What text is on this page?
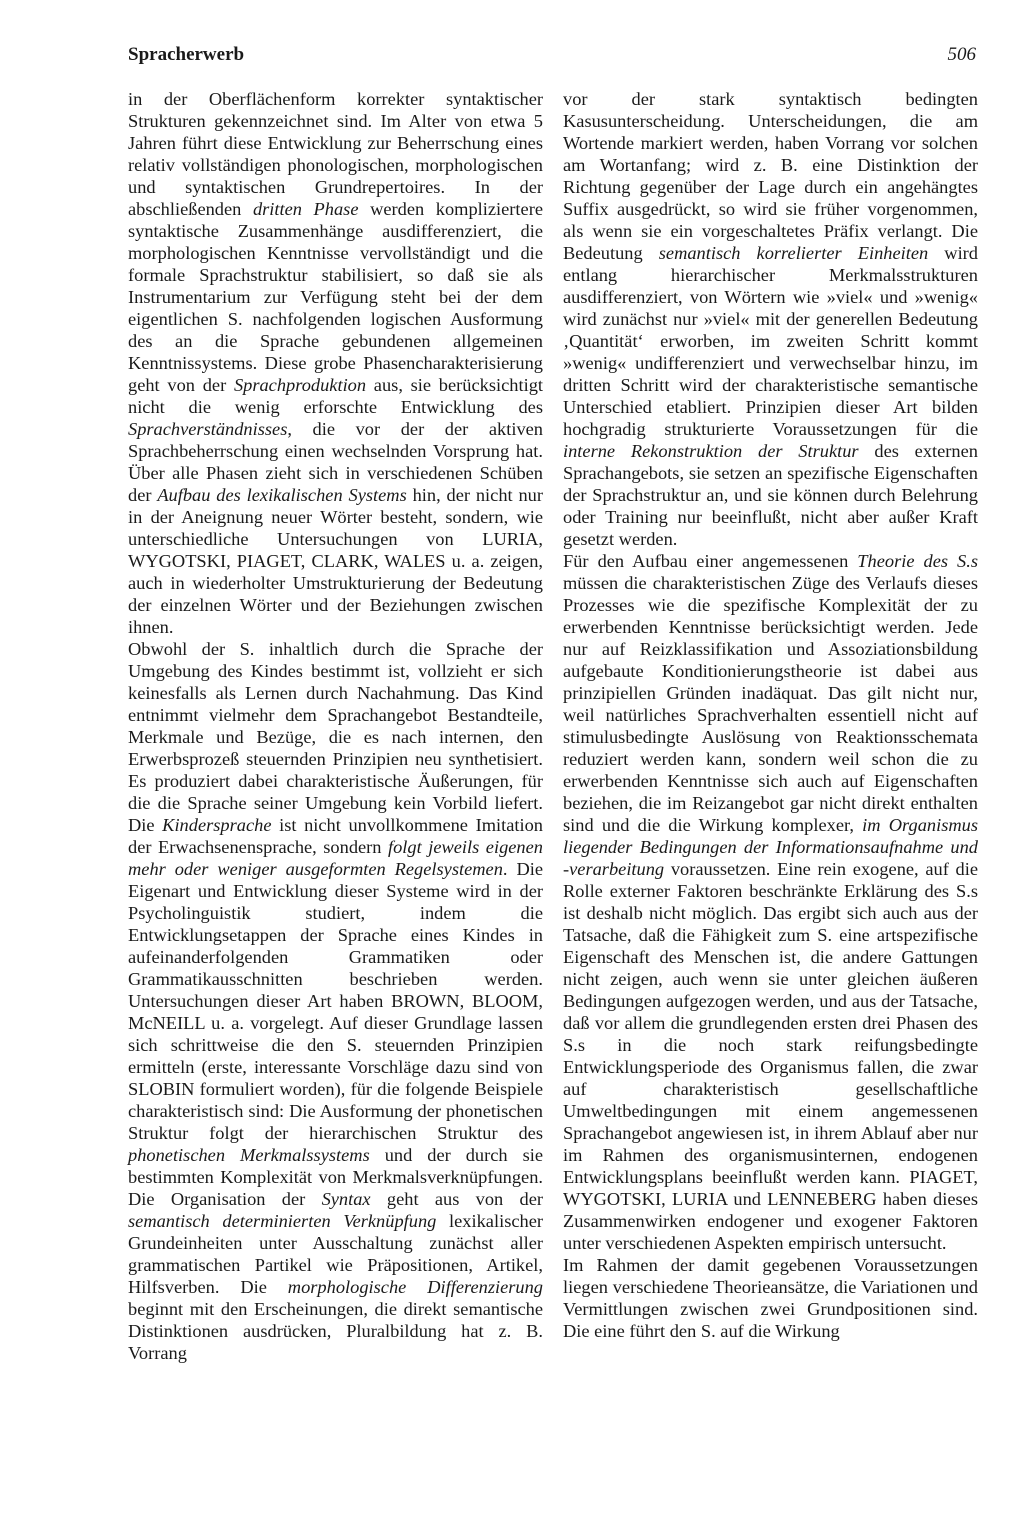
Spracherwerb	506

in der Oberflächenform korrekter syntaktischer Strukturen gekennzeichnet sind. Im Alter von etwa 5 Jahren führt diese Entwicklung zur Beherrschung eines relativ vollständigen phonologischen, morphologischen und syntaktischen Grundrepertoires. In der abschließenden dritten Phase werden kompliziertere syntaktische Zusammenhänge ausdifferenziert, die morphologischen Kenntnisse vervollständigt und die formale Sprachstruktur stabilisiert, so daß sie als Instrumentarium zur Verfügung steht bei der dem eigentlichen S. nachfolgenden logischen Ausformung des an die Sprache gebundenen allgemeinen Kenntnissystems. Diese grobe Phasencharakterisierung geht von der Sprachproduktion aus, sie berücksichtigt nicht die wenig erforschte Entwicklung des Sprachverständnisses, die vor der der aktiven Sprachbeherrschung einen wechselnden Vorsprung hat. Über alle Phasen zieht sich in verschiedenen Schüben der Aufbau des lexikalischen Systems hin, der nicht nur in der Aneignung neuer Wörter besteht, sondern, wie unterschiedliche Untersuchungen von LURIA, WYGOTSKI, PIAGET, CLARK, WALES u. a. zeigen, auch in wiederholter Umstrukturierung der Bedeutung der einzelnen Wörter und der Beziehungen zwischen ihnen.

Obwohl der S. inhaltlich durch die Sprache der Umgebung des Kindes bestimmt ist, vollzieht er sich keinesfalls als Lernen durch Nachahmung. Das Kind entnimmt vielmehr dem Sprachangebot Bestandteile, Merkmale und Bezüge, die es nach internen, den Erwerbsprozeß steuernden Prinzipien neu synthetisiert. Es produziert dabei charakteristische Äußerungen, für die die Sprache seiner Umgebung kein Vorbild liefert. Die Kindersprache ist nicht unvollkommene Imitation der Erwachsenensprache, sondern folgt jeweils eigenen mehr oder weniger ausgeformten Regelsystemen. Die Eigenart und Entwicklung dieser Systeme wird in der Psycholinguistik studiert, indem die Entwicklungsetappen der Sprache eines Kindes in aufeinanderfolgenden Grammatiken oder Grammatikausschnitten beschrieben werden. Untersuchungen dieser Art haben BROWN, BLOOM, McNEILL u. a. vorgelegt. Auf dieser Grundlage lassen sich schrittweise die den S. steuernden Prinzipien ermitteln (erste, interessante Vorschläge dazu sind von SLOBIN formuliert worden), für die folgende Beispiele charakteristisch sind: Die Ausformung der phonetischen Struktur folgt der hierarchischen Struktur des phonetischen Merkmalssystems und der durch sie bestimmten Komplexität von Merkmalsverknüpfungen. Die Organisation der Syntax geht aus von der semantisch determinierten Verknüpfung lexikalischer Grundeinheiten unter Ausschaltung zunächst aller grammatischen Partikel wie Präpositionen, Artikel, Hilfsverben. Die morphologische Differenzierung beginnt mit den Erscheinungen, die direkt semantische Distinktionen ausdrücken, Pluralbildung hat z. B. Vorrang

vor der stark syntaktisch bedingten Kasusunterscheidung. Unterscheidungen, die am Wortende markiert werden, haben Vorrang vor solchen am Wortanfang; wird z. B. eine Distinktion der Richtung gegenüber der Lage durch ein angehängtes Suffix ausgedrückt, so wird sie früher vorgenommen, als wenn sie ein vorgeschaltetes Präfix verlangt. Die Bedeutung semantisch korrelierter Einheiten wird entlang hierarchischer Merkmalsstrukturen ausdifferenziert, von Wörtern wie »viel« und »wenig« wird zunächst nur »viel« mit der generellen Bedeutung ‚Quantität‘ erworben, im zweiten Schritt kommt »wenig« undifferenziert und verwechselbar hinzu, im dritten Schritt wird der charakteristische semantische Unterschied etabliert. Prinzipien dieser Art bilden hochgradig strukturierte Voraussetzungen für die interne Rekonstruktion der Struktur des externen Sprachangebots, sie setzen an spezifische Eigenschaften der Sprachstruktur an, und sie können durch Belehrung oder Training nur beeinflußt, nicht aber außer Kraft gesetzt werden.

Für den Aufbau einer angemessenen Theorie des S.s müssen die charakteristischen Züge des Verlaufs dieses Prozesses wie die spezifische Komplexität der zu erwerbenden Kenntnisse berücksichtigt werden. Jede nur auf Reizklassifikation und Assoziationsbildung aufgebaute Konditionierungstheorie ist dabei aus prinzipiellen Gründen inadäquat. Das gilt nicht nur, weil natürliches Sprachverhalten essentiell nicht auf stimulusbedingte Auslösung von Reaktionsschemata reduziert werden kann, sondern weil schon die zu erwerbenden Kenntnisse sich auch auf Eigenschaften beziehen, die im Reizangebot gar nicht direkt enthalten sind und die die Wirkung komplexer, im Organismus liegender Bedingungen der Informationsaufnahme und -verarbeitung voraussetzen. Eine rein exogene, auf die Rolle externer Faktoren beschränkte Erklärung des S.s ist deshalb nicht möglich. Das ergibt sich auch aus der Tatsache, daß die Fähigkeit zum S. eine artspezifische Eigenschaft des Menschen ist, die andere Gattungen nicht zeigen, auch wenn sie unter gleichen äußeren Bedingungen aufgezogen werden, und aus der Tatsache, daß vor allem die grundlegenden ersten drei Phasen des S.s in die noch stark reifungsbedingte Entwicklungsperiode des Organismus fallen, die zwar auf charakteristisch gesellschaftliche Umweltbedingungen mit einem angemessenen Sprachangebot angewiesen ist, in ihrem Ablauf aber nur im Rahmen des organismusinternen, endogenen Entwicklungsplans beeinflußt werden kann. PIAGET, WYGOTSKI, LURIA und LENNEBERG haben dieses Zusammenwirken endogener und exogener Faktoren unter verschiedenen Aspekten empirisch untersucht.

Im Rahmen der damit gegebenen Voraussetzungen liegen verschiedene Theorieansätze, die Variationen und Vermittlungen zwischen zwei Grundpositionen sind. Die eine führt den S. auf die Wirkung
